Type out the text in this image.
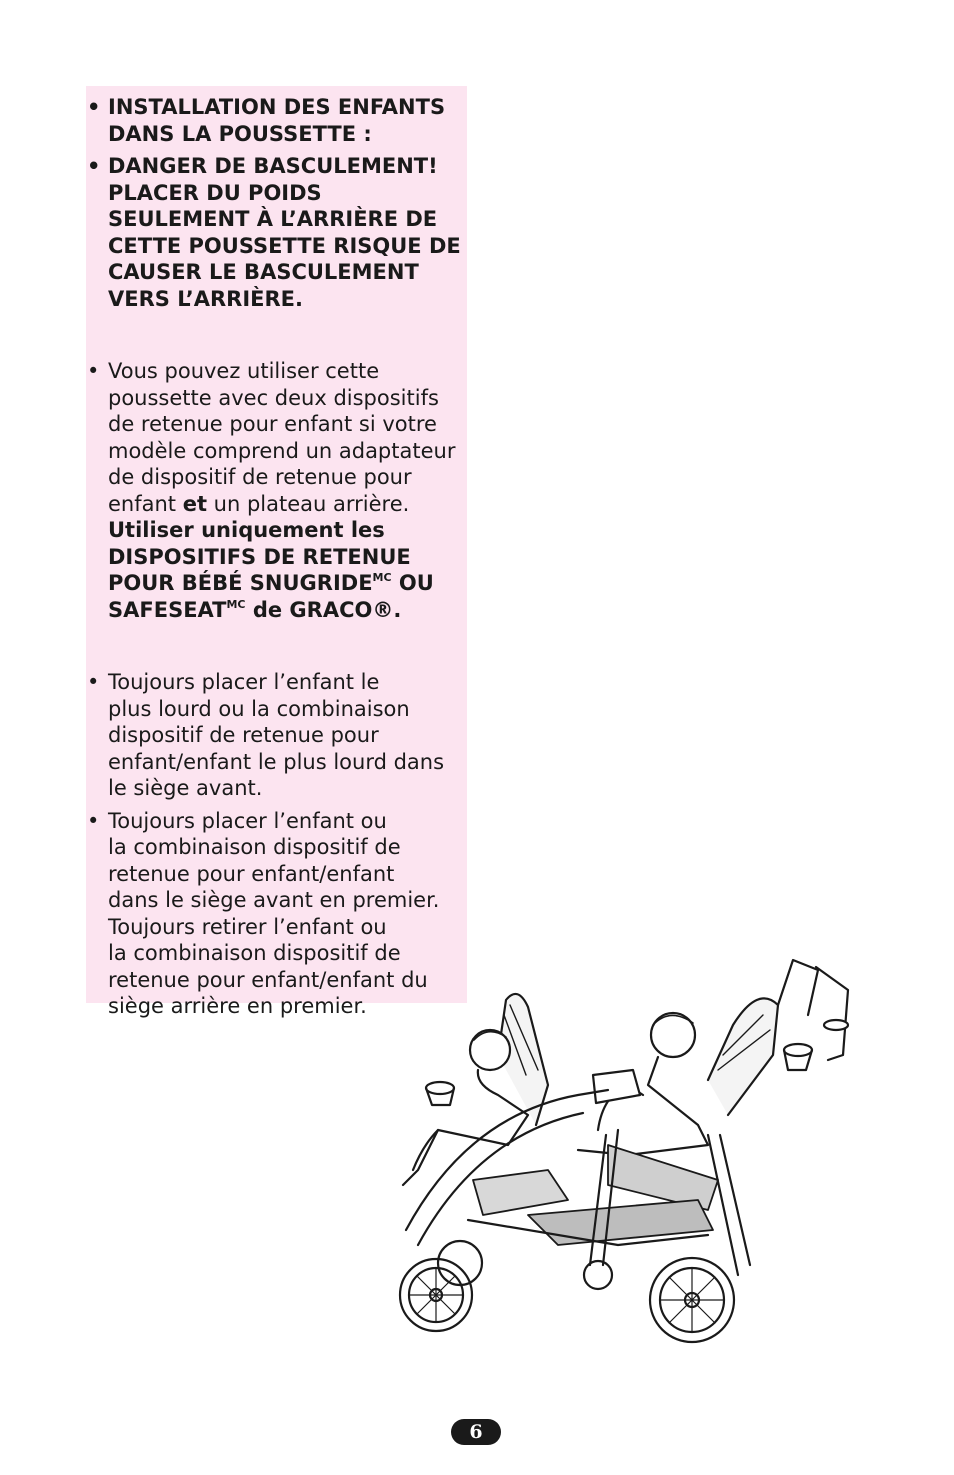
• INSTALLATION DES ENFANTS
DANS LA POUSSETTE :
• DANGER DE BASCULEMENT!
PLACER DU POIDS
SEULEMENT À L’ARRIÈRE DE
CETTE POUSSETTE RISQUE DE
CAUSER LE BASCULEMENT
VERS L’ARRIÈRE.
• Vous pouvez utiliser cette
poussette avec deux dispositifs
de retenue pour enfant si votre
modèle comprend un adaptateur
de dispositif de retenue pour
enfant et un plateau arrière.
Utiliser uniquement les
DISPOSITIFS DE RETENUE
POUR BÉBÉ $SNUGRIDE^{MC}$ OU
$SAFESEAT^{MC}$ de GRACO®.
• Toujours placer l’enfant le
plus lourd ou la combinaison
dispositif de retenue pour
enfant/enfant le plus lourd dans
le siège avant.
• Toujours placer l’enfant ou
la combinaison dispositif de
retenue pour enfant/enfant
dans le siège avant en premier.
Toujours retirer l’enfant ou
la combinaison dispositif de
retenue pour enfant/enfant du
siège arrière en premier.
6
